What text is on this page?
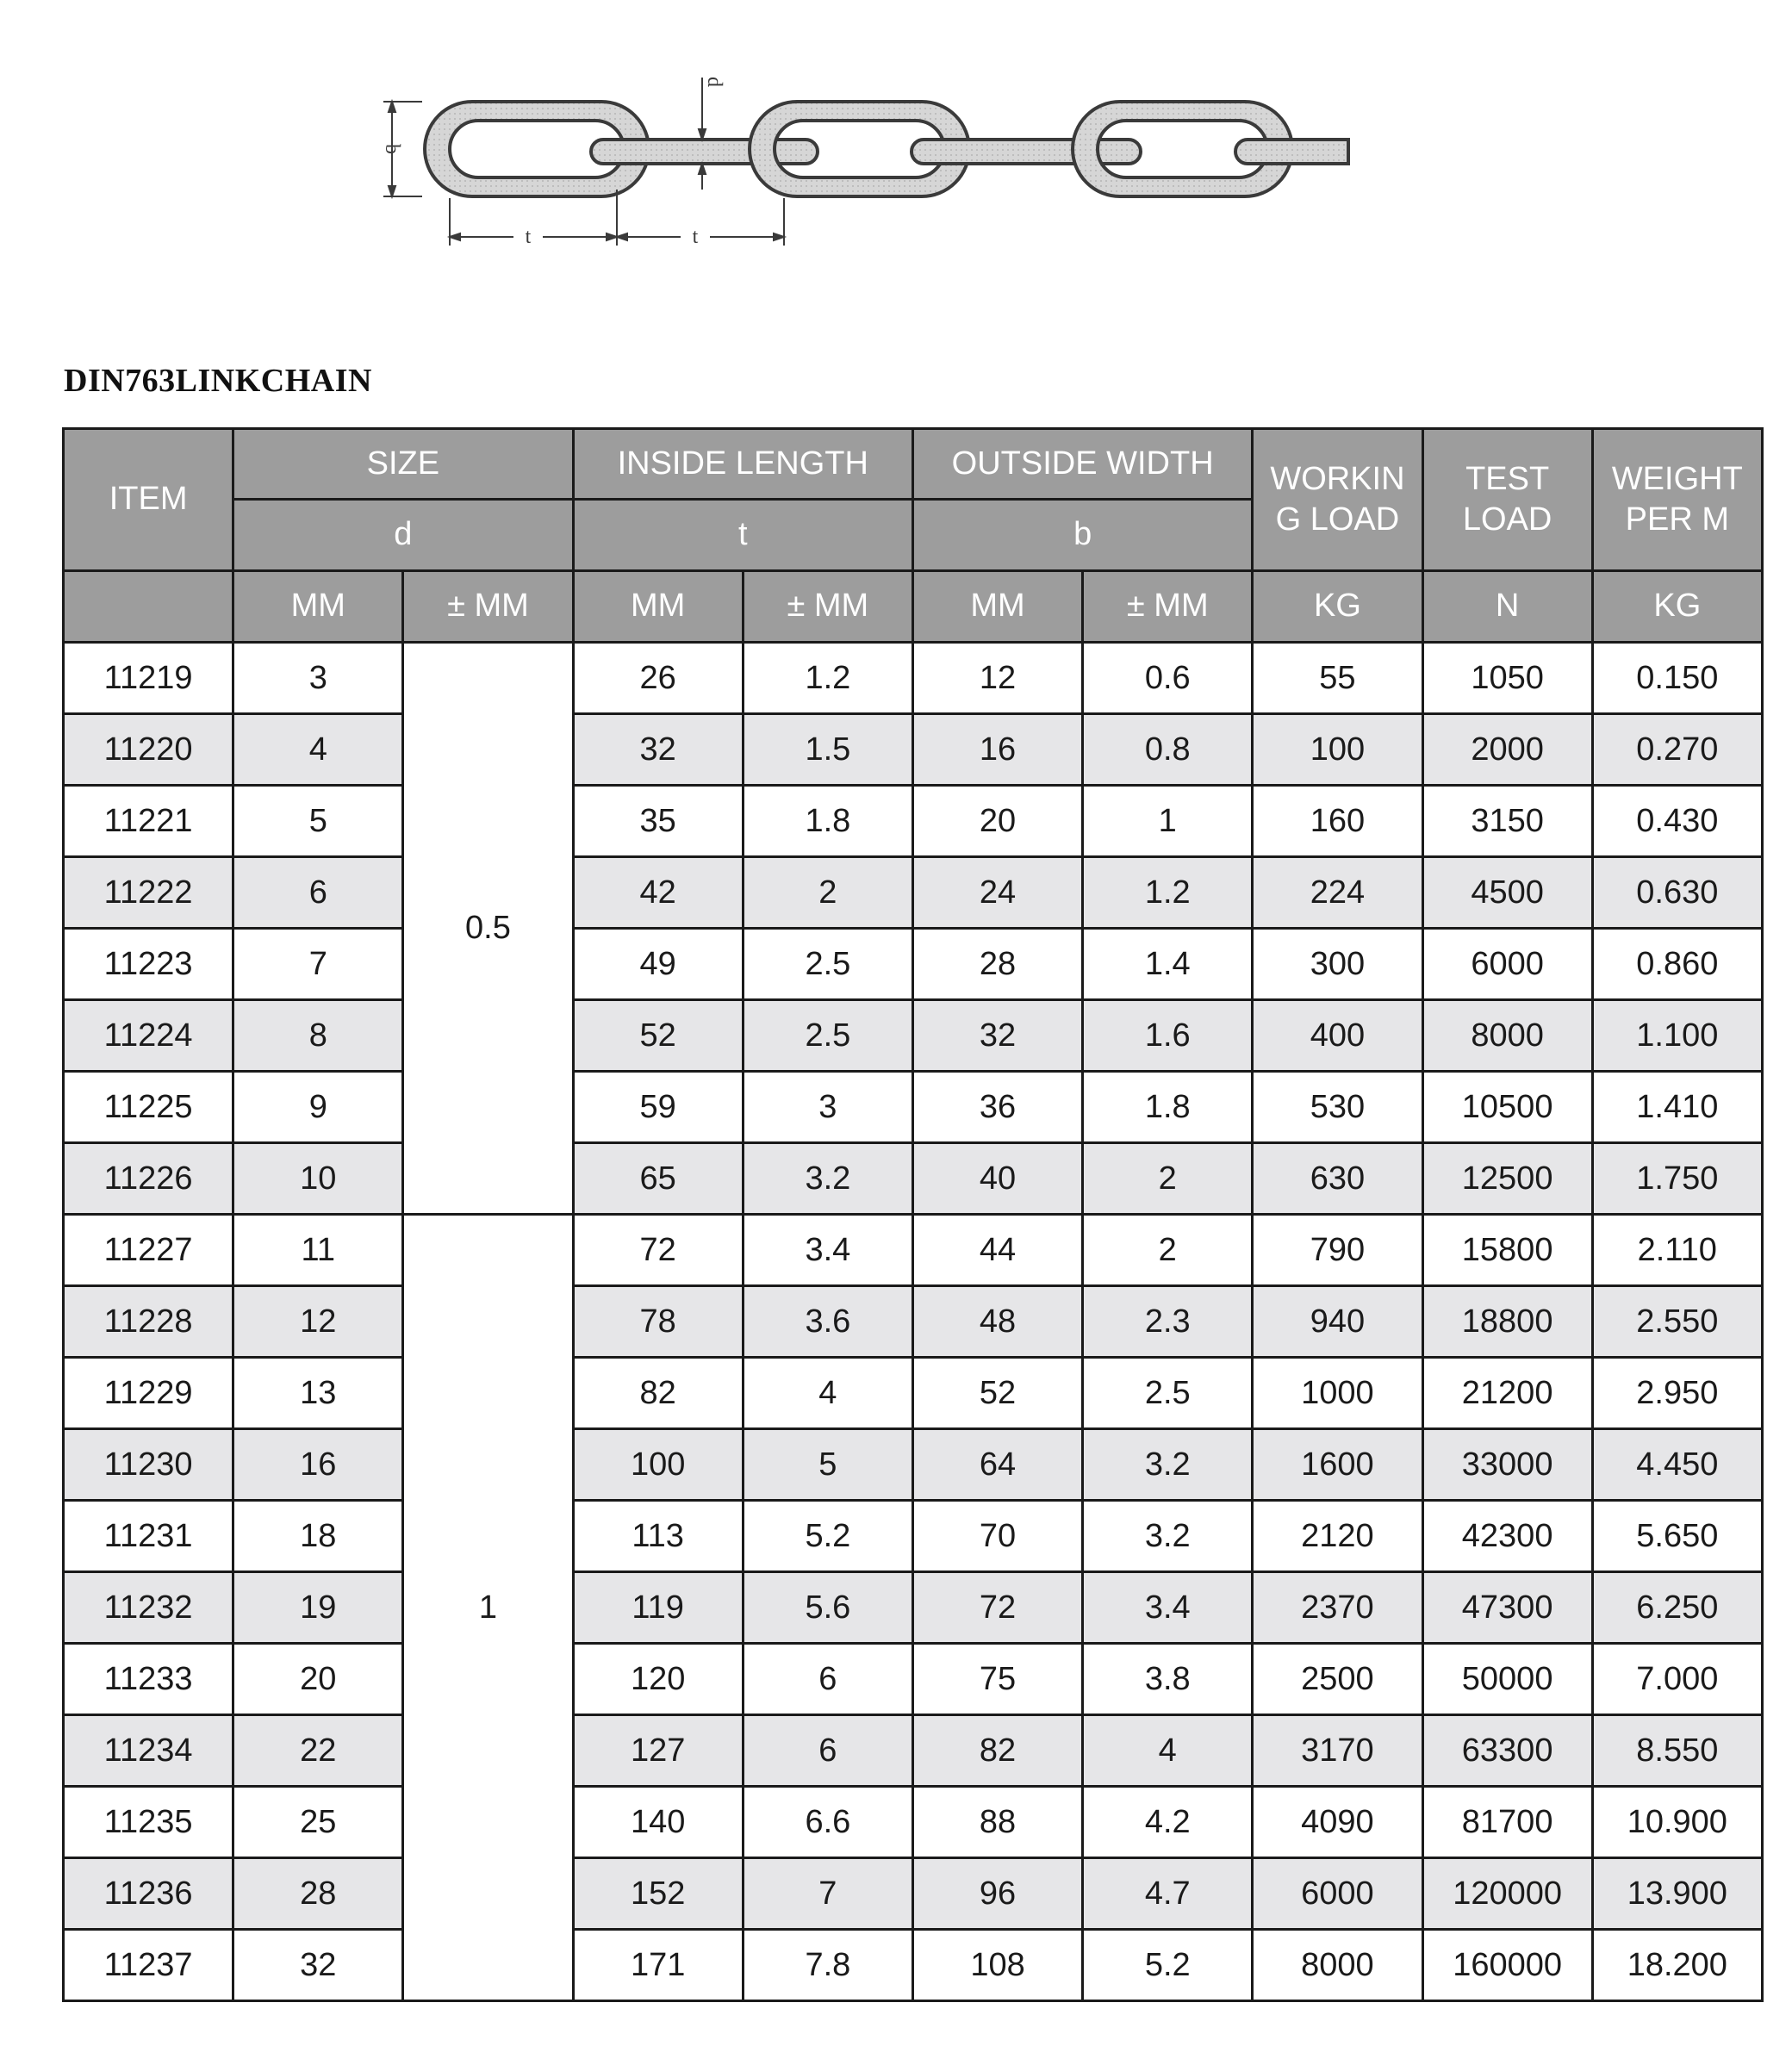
b
d
t	t
DIN763LINKCHAIN
ITEM	SIZE		INSIDE LENGTH		OUTSIDE WIDTH		WORKIN G LOAD	TEST LOAD	WEIGHT PER M
	d		t		b				
	MM	± MM	MM	± MM	MM	± MM	KG	N	KG
11219	3	0.5	26	1.2	12	0.6	55	1050	0.150
11220	4		32	1.5	16	0.8	100	2000	0.270
11221	5		35	1.8	20	1	160	3150	0.430
11222	6		42	2	24	1.2	224	4500	0.630
11223	7		49	2.5	28	1.4	300	6000	0.860
11224	8		52	2.5	32	1.6	400	8000	1.100
11225	9		59	3	36	1.8	530	10500	1.410
11226	10		65	3.2	40	2	630	12500	1.750
11227	11	1	72	3.4	44	2	790	15800	2.110
11228	12		78	3.6	48	2.3	940	18800	2.550
11229	13		82	4	52	2.5	1000	21200	2.950
11230	16		100	5	64	3.2	1600	33000	4.450
11231	18		113	5.2	70	3.2	2120	42300	5.650
11232	19		119	5.6	72	3.4	2370	47300	6.250
11233	20		120	6	75	3.8	2500	50000	7.000
11234	22		127	6	82	4	3170	63300	8.550
11235	25		140	6.6	88	4.2	4090	81700	10.900
11236	28		152	7	96	4.7	6000	120000	13.900
11237	32		171	7.8	108	5.2	8000	160000	18.200
